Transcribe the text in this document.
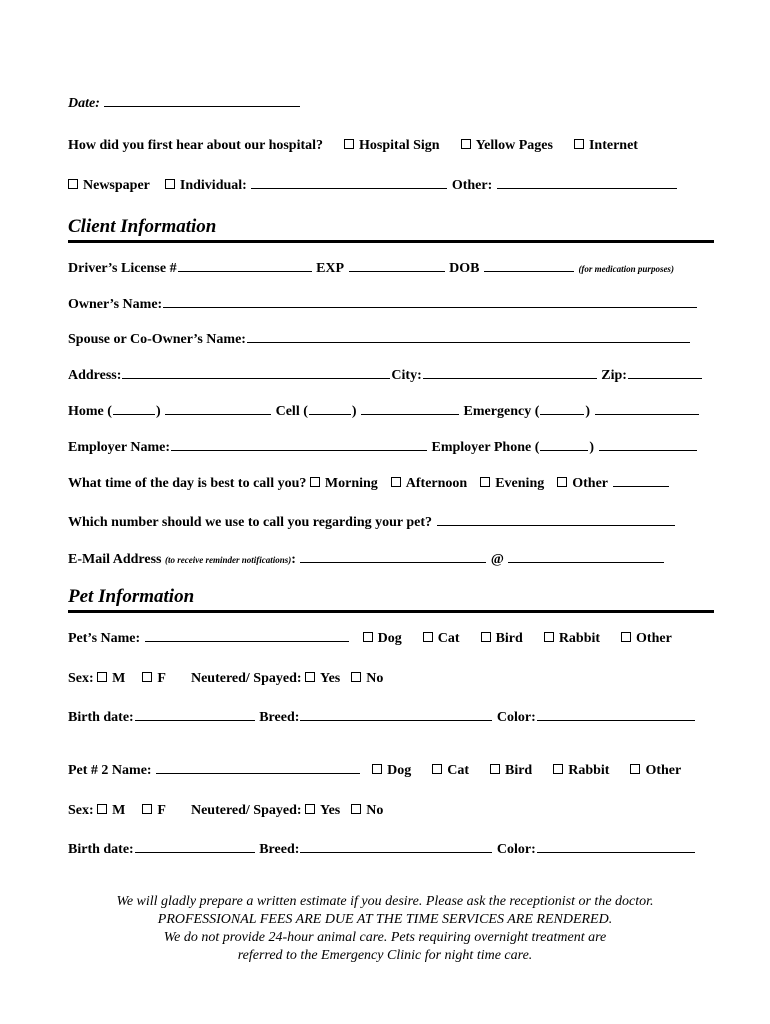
Date:
How did you first hear about our hospital?	Hospital Sign	Yellow Pages	Internet
Newspaper Individual:	Other:
Client Information
Driver’s License #	EXP	DOB	(for medication purposes)
Owner’s Name:
Spouse or Co-Owner’s Name:
Address:	City:	Zip:
Home (	)	Cell (	)	Emergency (	)
Employer Name:	Employer Phone (	)
What time of the day is best to call you? Morning Afternoon Evening Other
Which number should we use to call you regarding your pet?
E-Mail Address (to receive reminder notifications):	@
Pet Information
Pet’s Name:	Dog	Cat	Bird	Rabbit	Other
Sex: M F Neutered/ Spayed: Yes No
Birth date:	Breed:	Color:
Pet # 2 Name:	Dog	Cat	Bird	Rabbit	Other
Sex: M F Neutered/ Spayed: Yes No
Birth date:	Breed:	Color:
We will gladly prepare a written estimate if you desire. Please ask the receptionist or the doctor.
PROFESSIONAL FEES ARE DUE AT THE TIME SERVICES ARE RENDERED.
We do not provide 24-hour animal care. Pets requiring overnight treatment are
referred to the Emergency Clinic for night time care.
